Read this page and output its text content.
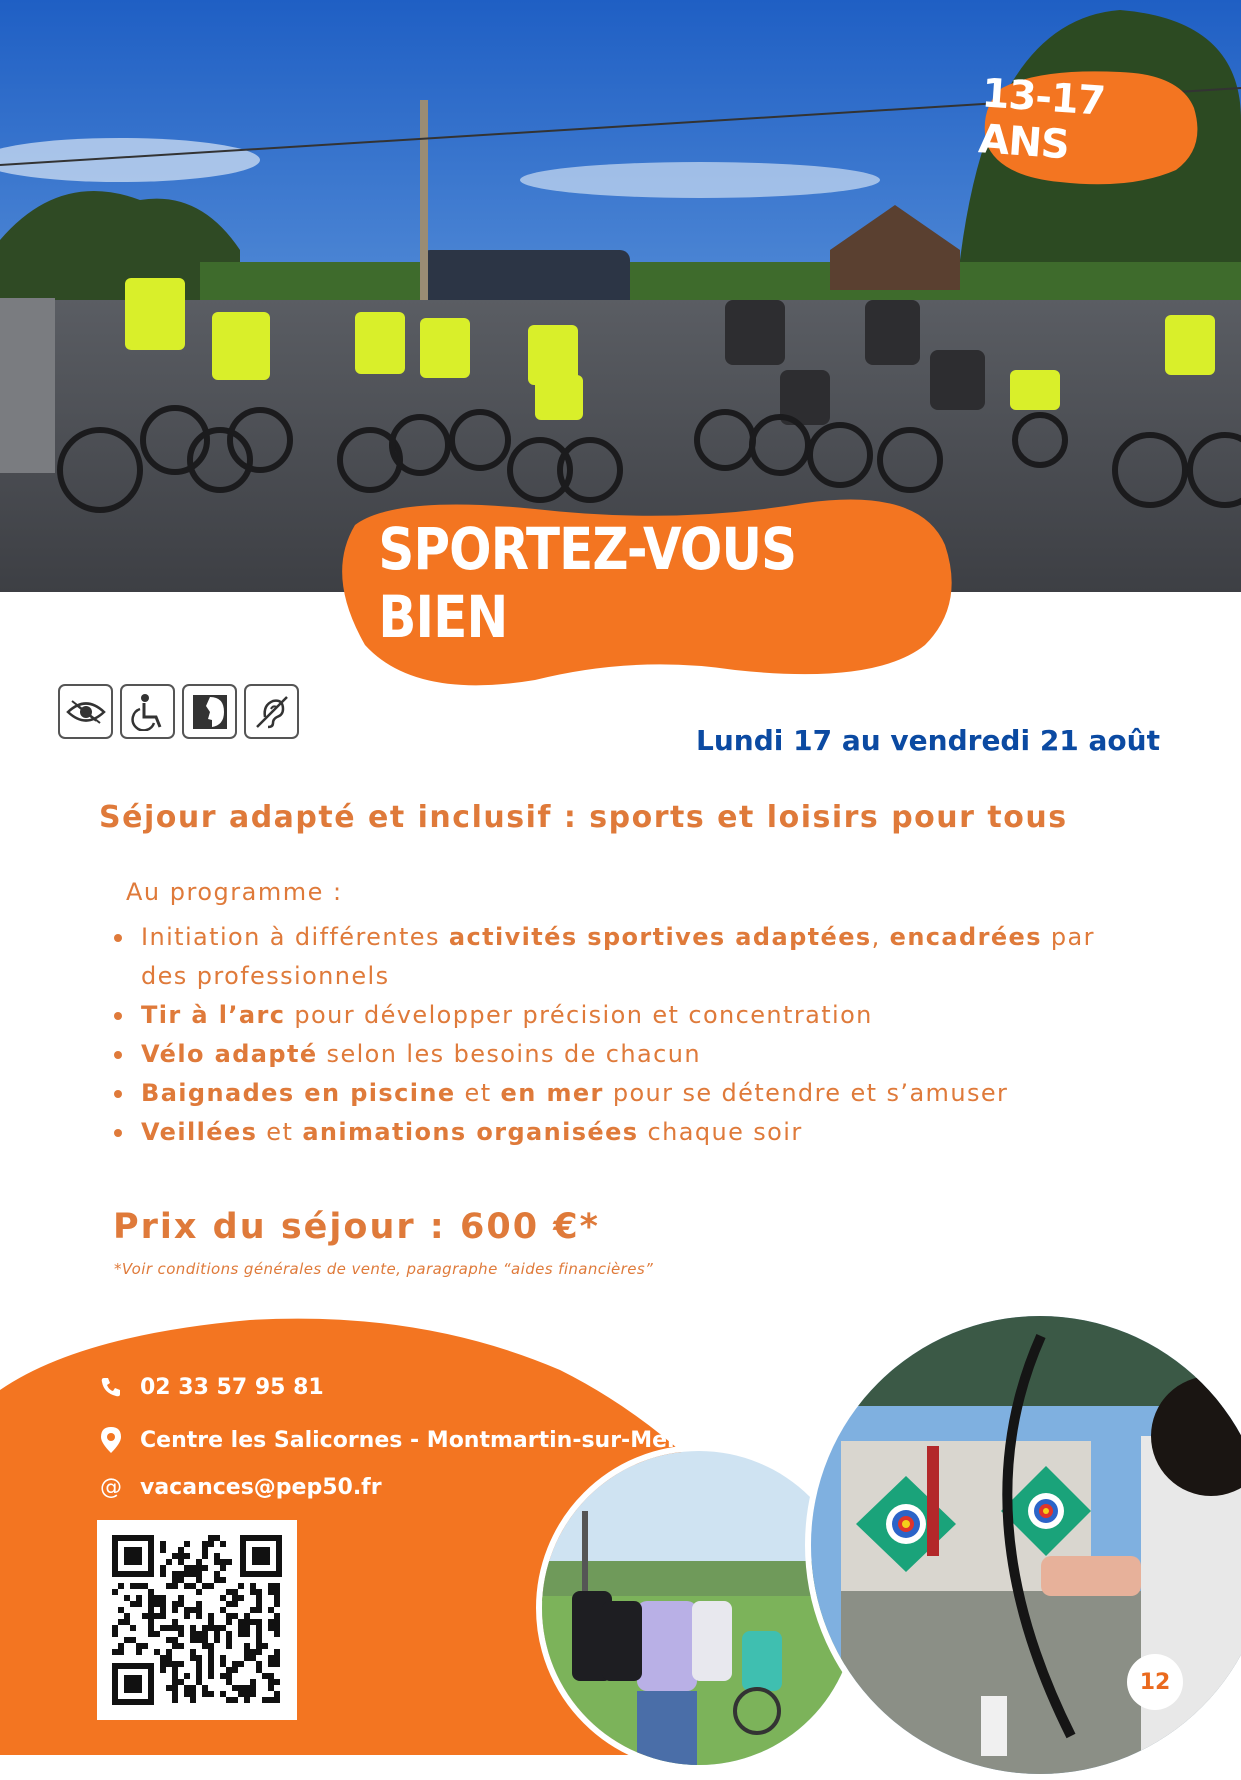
13-17 ANS
SPORTEZ-VOUS BIEN
Lundi 17 au vendredi 21 août
Séjour adapté et inclusif : sports et loisirs pour tous
Au programme :
Initiation à différentes activités sportives adaptées, encadrées par des professionnels
Tir à l’arc pour développer précision et concentration
Vélo adapté selon les besoins de chacun
Baignades en piscine et en mer pour se détendre et s’amuser
Veillées et animations organisées chaque soir
Prix du séjour : 600 €*
*Voir conditions générales de vente, paragraphe “aides financières”
02 33 57 95 81
Centre les Salicornes - Montmartin-sur-Mer
@ vacances@pep50.fr
12
